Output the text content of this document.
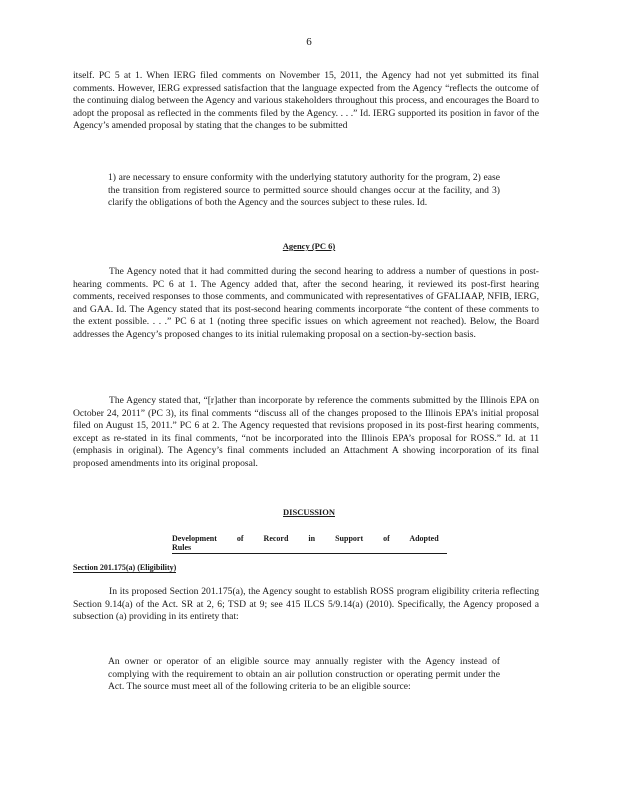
6

itself. PC 5 at 1. When IERG filed comments on November 15, 2011, the Agency had not yet submitted its final comments. However, IERG expressed satisfaction that the language expected from the Agency “reflects the outcome of the continuing dialog between the Agency and various stakeholders throughout this process, and encourages the Board to adopt the proposal as reflected in the comments filed by the Agency. . . .” Id. IERG supported its position in favor of the Agency’s amended proposal by stating that the changes to be submitted

1) are necessary to ensure conformity with the underlying statutory authority for the program, 2) ease the transition from registered source to permitted source should changes occur at the facility, and 3) clarify the obligations of both the Agency and the sources subject to these rules. Id.

Agency (PC 6)

The Agency noted that it had committed during the second hearing to address a number of questions in post-hearing comments. PC 6 at 1. The Agency added that, after the second hearing, it reviewed its post-first hearing comments, received responses to those comments, and communicated with representatives of GFALIAAP, NFIB, IERG, and GAA. Id. The Agency stated that its post-second hearing comments incorporate “the content of these comments to the extent possible. . . .” PC 6 at 1 (noting three specific issues on which agreement not reached). Below, the Board addresses the Agency’s proposed changes to its initial rulemaking proposal on a section-by-section basis.

The Agency stated that, “[r]ather than incorporate by reference the comments submitted by the Illinois EPA on October 24, 2011” (PC 3), its final comments “discuss all of the changes proposed to the Illinois EPA’s initial proposal filed on August 15, 2011.” PC 6 at 2. The Agency requested that revisions proposed in its post-first hearing comments, except as re-stated in its final comments, “not be incorporated into the Illinois EPA’s proposal for ROSS.” Id. at 11 (emphasis in original). The Agency’s final comments included an Attachment A showing incorporation of its final proposed amendments into its original proposal.

DISCUSSION
Development of Record in Support of Adopted Rules
Section 201.175(a) (Eligibility)

In its proposed Section 201.175(a), the Agency sought to establish ROSS program eligibility criteria reflecting Section 9.14(a) of the Act. SR at 2, 6; TSD at 9; see 415 ILCS 5/9.14(a) (2010). Specifically, the Agency proposed a subsection (a) providing in its entirety that:

An owner or operator of an eligible source may annually register with the Agency instead of complying with the requirement to obtain an air pollution construction or operating permit under the Act. The source must meet all of the following criteria to be an eligible source:
